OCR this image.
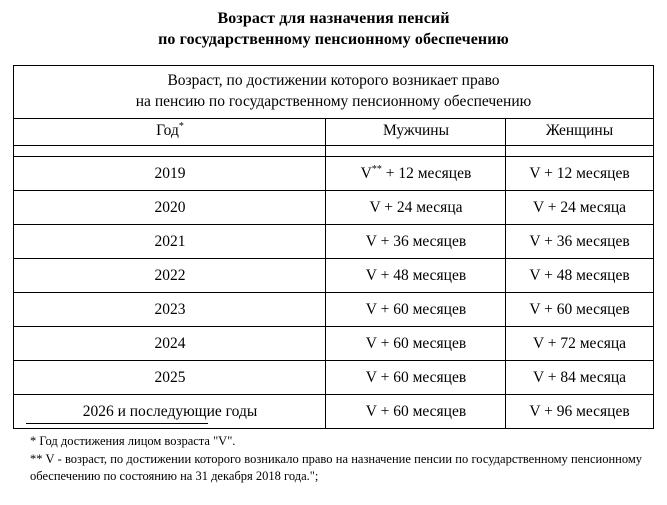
Возраст для назначения пенсий
по государственному пенсионному обеспечению
Возраст, по достижении которого возникает право
на пенсию по государственному пенсионному обеспечению		

Год*	Мужчины	Женщины

2019	V** + 12 месяцев	V + 12 месяцев
2020	V + 24 месяца	V + 24 месяца
2021	V + 36 месяцев	V + 36 месяцев
2022	V + 48 месяцев	V + 48 месяцев
2023	V + 60 месяцев	V + 60 месяцев
2024	V + 60 месяцев	V + 72 месяца
2025	V + 60 месяцев	V + 84 месяца
2026 и последующие годы	V + 60 месяцев	V + 96 месяцев

* Год достижения лицом возраста "V".

** V - возраст, по достижении которого возникало право на назначение пенсии по государственному пенсионному обеспечению по состоянию на 31 декабря 2018 года.";
